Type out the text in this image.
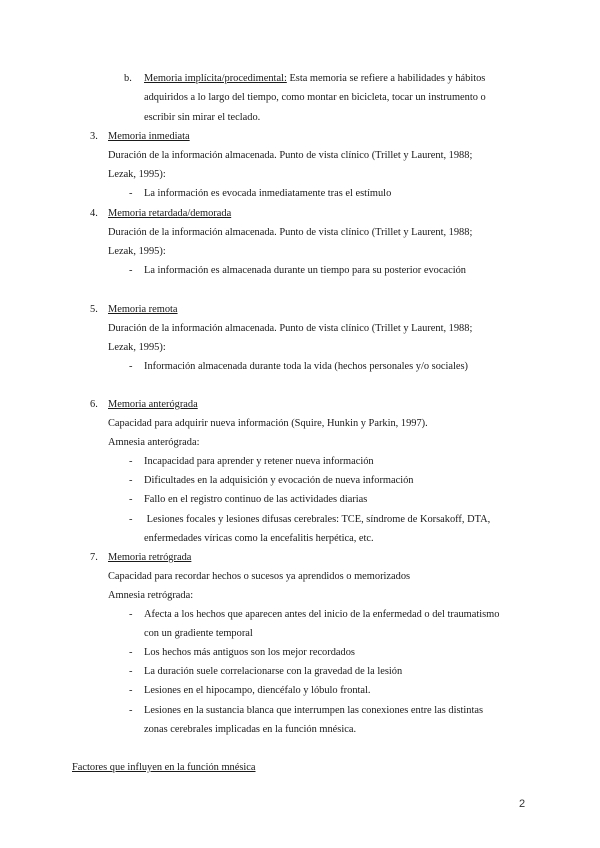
b. Memoria implícita/procedimental: Esta memoria se refiere a habilidades y hábitos
adquiridos a lo largo del tiempo, como montar en bicicleta, tocar un instrumento o
escribir sin mirar el teclado.
3. Memoria inmediata
Duración de la información almacenada. Punto de vista clínico (Trillet y Laurent, 1988;
Lezak, 1995):
- La información es evocada inmediatamente tras el estímulo
4. Memoria retardada/demorada
Duración de la información almacenada. Punto de vista clínico (Trillet y Laurent, 1988;
Lezak, 1995):
- La información es almacenada durante un tiempo para su posterior evocación
5. Memoria remota
Duración de la información almacenada. Punto de vista clínico (Trillet y Laurent, 1988;
Lezak, 1995):
- Información almacenada durante toda la vida (hechos personales y/o sociales)
6. Memoria anterógrada
Capacidad para adquirir nueva información (Squire, Hunkin y Parkin, 1997).
Amnesia anterógrada:
- Incapacidad para aprender y retener nueva información
- Dificultades en la adquisición y evocación de nueva información
- Fallo en el registro continuo de las actividades diarias
- Lesiones focales y lesiones difusas cerebrales: TCE, síndrome de Korsakoff, DTA,
enfermedades víricas como la encefalitis herpética, etc.
7. Memoria retrógrada
Capacidad para recordar hechos o sucesos ya aprendidos o memorizados
Amnesia retrógrada:
- Afecta a los hechos que aparecen antes del inicio de la enfermedad o del traumatismo
con un gradiente temporal
- Los hechos más antiguos son los mejor recordados
- La duración suele correlacionarse con la gravedad de la lesión
- Lesiones en el hipocampo, diencéfalo y lóbulo frontal.
- Lesiones en la sustancia blanca que interrumpen las conexiones entre las distintas
zonas cerebrales implicadas en la función mnésica.
Factores que influyen en la función mnésica
2
